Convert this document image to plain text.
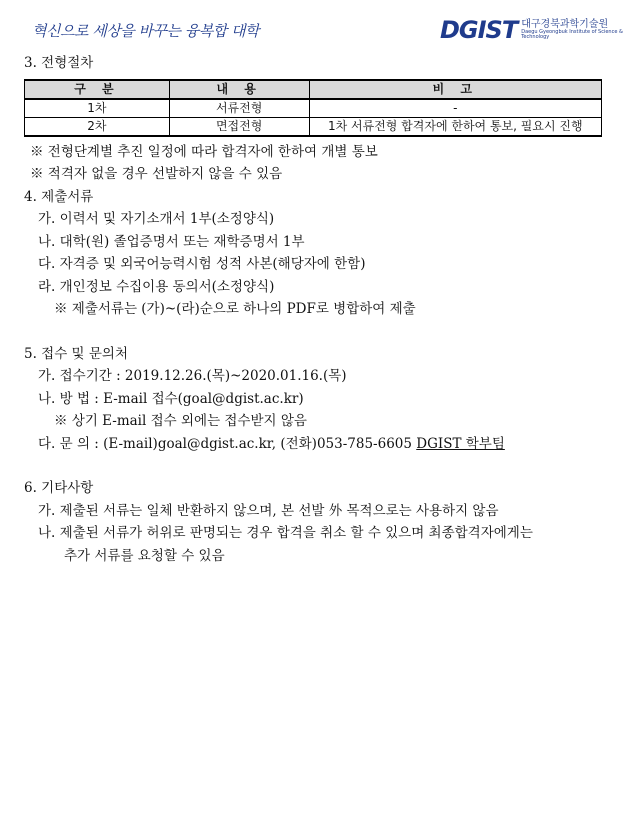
혁신으로 세상을 바꾸는 융복합 대학	DGIST 대구경북과학기술원
Daegu Gyeongbuk Institute of Science & Technology
3. 전형절차
구 분	내 용	비 고
1차	서류전형	-
2차	면접전형	1차 서류전형 합격자에 한하여 통보, 필요시 진행
※ 전형단계별 추진 일정에 따라 합격자에 한하여 개별 통보
※ 적격자 없을 경우 선발하지 않을 수 있음
4. 제출서류
가. 이력서 및 자기소개서 1부(소정양식)
나. 대학(원) 졸업증명서 또는 재학증명서 1부
다. 자격증 및 외국어능력시험 성적 사본(해당자에 한함)
라. 개인정보 수집이용 동의서(소정양식)
※ 제출서류는 (가)~(라)순으로 하나의 PDF로 병합하여 제출
5. 접수 및 문의처
가. 접수기간 : 2019.12.26.(목)~2020.01.16.(목)
나. 방 법 : E-mail 접수(goal@dgist.ac.kr)
※ 상기 E-mail 접수 외에는 접수받지 않음
다. 문 의 : (E-mail)goal@dgist.ac.kr, (전화)053-785-6605 DGIST 학부팀
6. 기타사항
가. 제출된 서류는 일체 반환하지 않으며, 본 선발 外 목적으로는 사용하지 않음
나. 제출된 서류가 허위로 판명되는 경우 합격을 취소 할 수 있으며 최종합격자에게는
추가 서류를 요청할 수 있음
